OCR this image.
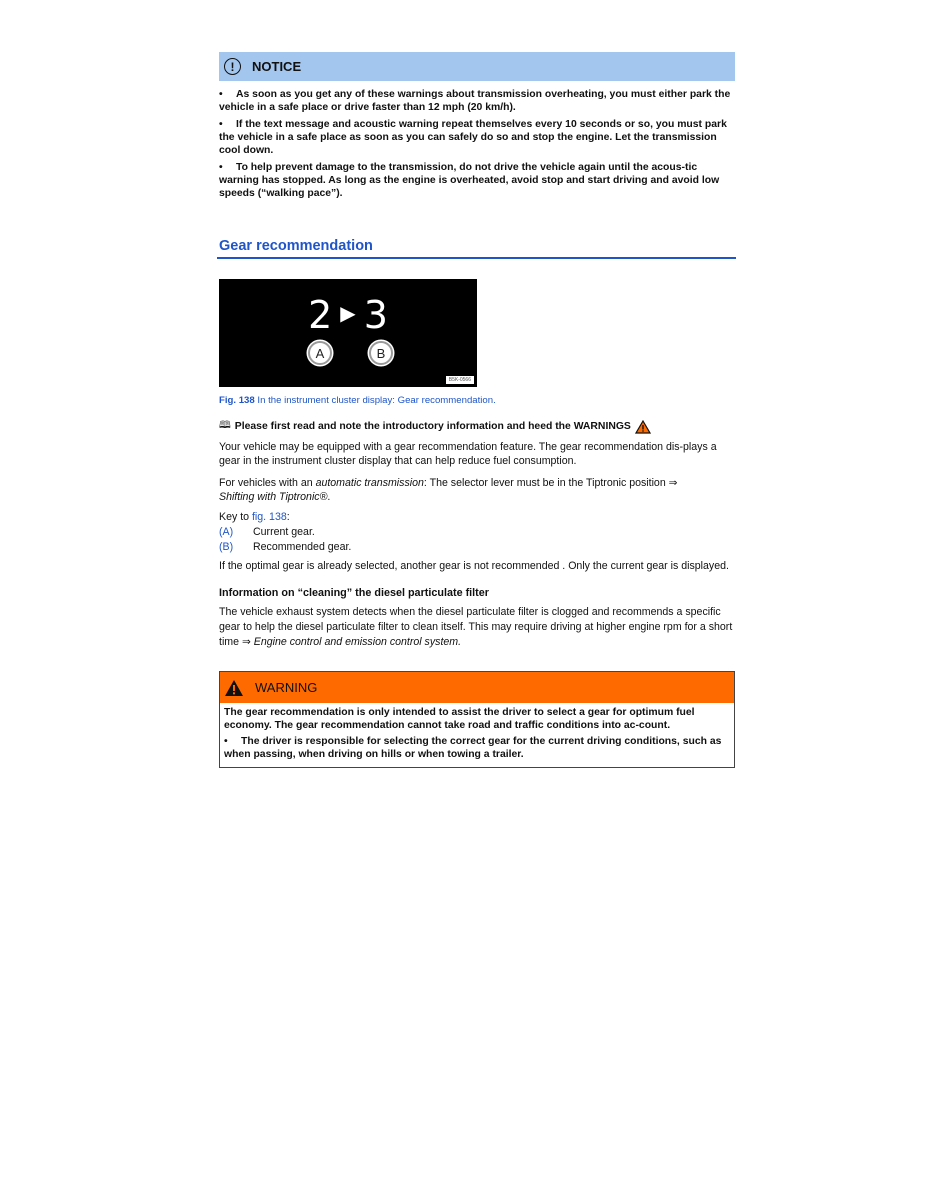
!	NOTICE

• As soon as you get any of these warnings about transmission overheating, you must either park the vehicle in a safe place or drive faster than 12 mph (20 km/h).

• If the text message and acoustic warning repeat themselves every 10 seconds or so, you must park the vehicle in a safe place as soon as you can safely do so and stop the engine. Let the transmission cool down.

• To help prevent damage to the transmission, do not drive the vehicle again until the acous-tic warning has stopped. As long as the engine is overheated, avoid stop and start driving and avoid low speeds (“walking pace”).

Gear recommendation
2 ▶ 3
A	B
B5K-0566
Fig. 138 In the instrument cluster display: Gear recommendation.
🕮 Please first read and note the introductory information and heed the WARNINGS

Your vehicle may be equipped with a gear recommendation feature. The gear recommendation dis-plays a gear in the instrument cluster display that can help reduce fuel consumption.

For vehicles with an automatic transmission: The selector lever must be in the Tiptronic position ⇒
Shifting with Tiptronic®.

Key to fig. 138:

(A)	Current gear.
(B)	Recommended gear.

If the optimal gear is already selected, another gear is not recommended . Only the current gear is displayed.

Information on “cleaning” the diesel particulate filter

The vehicle exhaust system detects when the diesel particulate filter is clogged and recommends a specific gear to help the diesel particulate filter to clean itself. This may require driving at higher engine rpm for a short time ⇒ Engine control and emission control system.

WARNING

The gear recommendation is only intended to assist the driver to select a gear for optimum fuel economy. The gear recommendation cannot take road and traffic conditions into ac-count.

• The driver is responsible for selecting the correct gear for the current driving conditions, such as when passing, when driving on hills or when towing a trailer.
